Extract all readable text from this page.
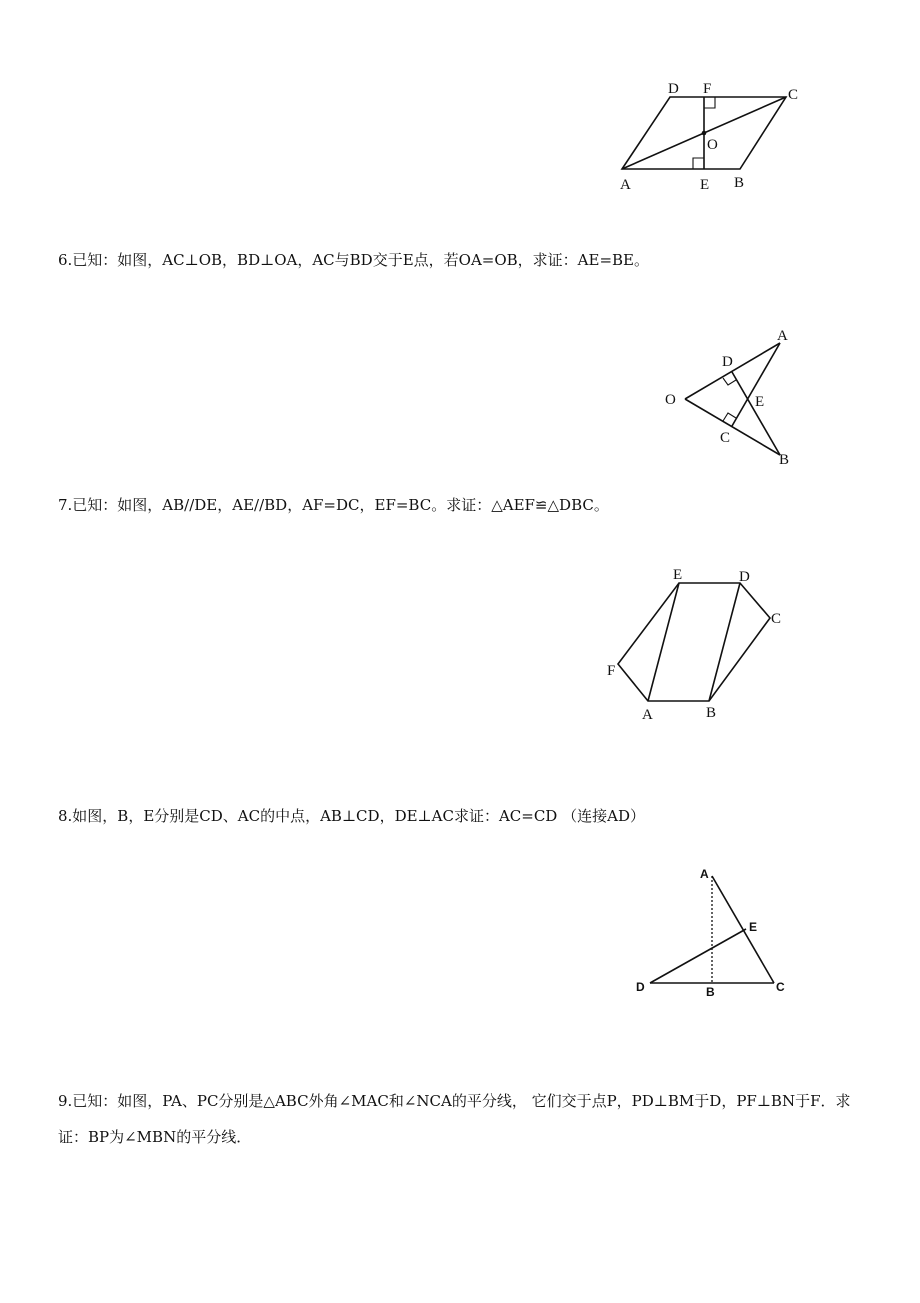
D F	C
O
A	E B
6.已知：如图，AC⊥OB，BD⊥OA，AC与BD交于E点，若OA=OB，求证：AE=BE。
A
D
O	E
C
B
7.已知：如图，AB//DE，AE//BD，AF=DC，EF=BC。求证：△AEF≌△DBC。
E	D
C
F
A	B
8.如图，B，E分别是CD、AC的中点，AB⊥CD，DE⊥AC求证：AC=CD （连接AD）
A
E
D	B	C
9.已知：如图，PA、PC分别是△ABC外角∠MAC和∠NCA的平分线， 它们交于点P，PD⊥BM于D，PF⊥BN于F．求证：BP为∠MBN的平分线．
